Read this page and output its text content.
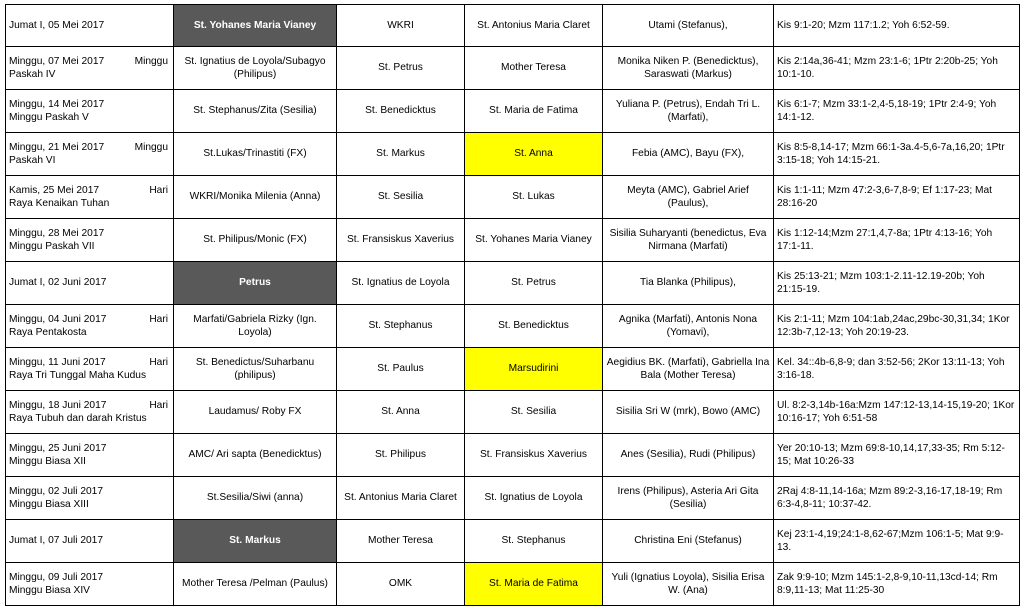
Jumat I, 05 Mei 2017	St. Yohanes Maria Vianey	WKRI	St. Antonius Maria Claret	Utami (Stefanus),	Kis 9:1-20; Mzm 117:1.2; Yoh 6:52-59.

Minggu, 07 Mei 2017 Minggu
Paskah IV	St. Ignatius de Loyola/Subagyo (Philipus)	St. Petrus	Mother Teresa	Monika Niken P. (Benedicktus), Saraswati (Markus)	Kis 2:14a,36-41; Mzm 23:1-6; 1Ptr 2:20b-25; Yoh 10:1-10.

Minggu, 14 Mei 2017
Minggu Paskah V	St. Stephanus/Zita (Sesilia)	St. Benedicktus	St. Maria de Fatima	Yuliana P. (Petrus), Endah Tri L. (Marfati),	Kis 6:1-7; Mzm 33:1-2,4-5,18-19; 1Ptr 2:4-9; Yoh 14:1-12.

Minggu, 21 Mei 2017 Minggu
Paskah VI	St.Lukas/Trinastiti (FX)	St. Markus	St. Anna	Febia (AMC), Bayu (FX),	Kis 8:5-8,14-17; Mzm 66:1-3a.4-5,6-7a,16,20; 1Ptr 3:15-18; Yoh 14:15-21.

Kamis, 25 Mei 2017 Hari
Raya Kenaikan Tuhan	WKRI/Monika Milenia (Anna)	St. Sesilia	St. Lukas	Meyta (AMC), Gabriel Arief (Paulus),	Kis 1:1-11; Mzm 47:2-3,6-7,8-9; Ef 1:17-23; Mat 28:16-20

Minggu, 28 Mei 2017
Minggu Paskah VII	St. Philipus/Monic (FX)	St. Fransiskus Xaverius	St. Yohanes Maria Vianey	Sisilia Suharyanti (benedictus, Eva Nirmana (Marfati)	Kis 1:12-14;Mzm 27:1,4,7-8a; 1Ptr 4:13-16; Yoh 17:1-11.
Jumat I, 02 Juni 2017	Petrus	St. Ignatius de Loyola	St. Petrus	Tia Blanka (Philipus),	Kis 25:13-21; Mzm 103:1-2.11-12.19-20b; Yoh 21:15-19.

Minggu, 04 Juni 2017 Hari
Raya Pentakosta	Marfati/Gabriela Rizky (Ign. Loyola)	St. Stephanus	St. Benedicktus	Agnika (Marfati), Antonis Nona (Yomavi),	Kis 2:1-11; Mzm 104:1ab,24ac,29bc-30,31,34; 1Kor 12:3b-7,12-13; Yoh 20:19-23.

Minggu, 11 Juni 2017 Hari
Raya Tri Tunggal Maha Kudus	St. Benedictus/Suharbanu (philipus)	St. Paulus	Marsudirini	Aegidius BK. (Marfati), Gabriella Ina Bala (Mother Teresa)	Kel. 34::4b-6,8-9; dan 3:52-56; 2Kor 13:11-13; Yoh 3:16-18.

Minggu, 18 Juni 2017 Hari
Raya Tubuh dan darah Kristus	Laudamus/ Roby FX	St. Anna	St. Sesilia	Sisilia Sri W (mrk), Bowo (AMC)	Ul. 8:2-3,14b-16a:Mzm 147:12-13,14-15,19-20; 1Kor 10:16-17; Yoh 6:51-58

Minggu, 25 Juni 2017
Minggu Biasa XII	AMC/ Ari sapta (Benedicktus)	St. Philipus	St. Fransiskus Xaverius	Anes (Sesilia), Rudi (Philipus)	Yer 20:10-13; Mzm 69:8-10,14,17,33-35; Rm 5:12-15; Mat 10:26-33

Minggu, 02 Juli 2017
Minggu Biasa XIII	St.Sesilia/Siwi (anna)	St. Antonius Maria Claret	St. Ignatius de Loyola	Irens (Philipus), Asteria Ari Gita (Sesilia)	2Raj 4:8-11,14-16a; Mzm 89:2-3,16-17,18-19; Rm 6:3-4,8-11; 10:37-42.
Jumat I, 07 Juli 2017	St. Markus	Mother Teresa	St. Stephanus	Christina Eni (Stefanus)	Kej 23:1-4,19;24:1-8,62-67;Mzm 106:1-5; Mat 9:9-13.

Minggu, 09 Juli 2017
Minggu Biasa XIV	Mother Teresa /Pelman (Paulus)	OMK	St. Maria de Fatima	Yuli (Ignatius Loyola), Sisilia Erisa W. (Ana)	Zak 9:9-10; Mzm 145:1-2,8-9,10-11,13cd-14; Rm 8:9,11-13; Mat 11:25-30
